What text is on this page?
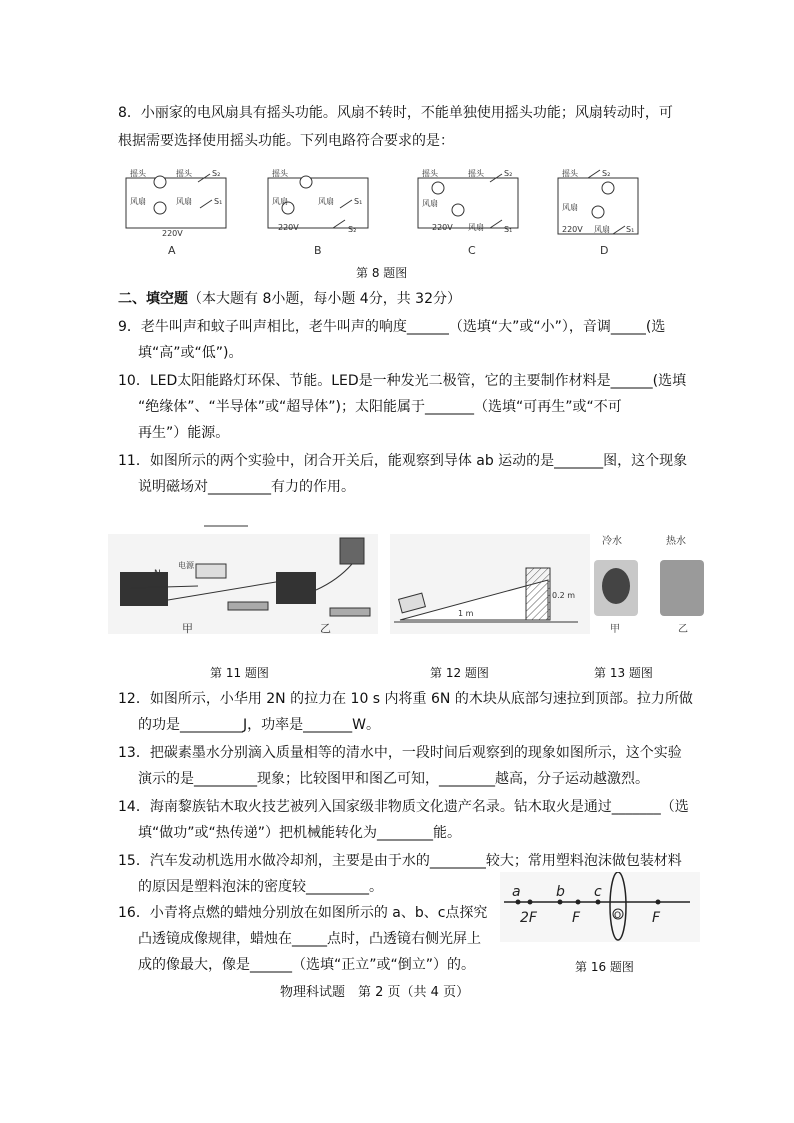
8．小丽家的电风扇具有摇头功能。风扇不转时，不能单独使用摇头功能；风扇转动时，可
根据需要选择使用摇头功能。下列电路符合要求的是：
摇头	摇头	S₂
风扇	风扇	S₁
220V
摇头
风扇	风扇	S₁
220V	S₂
摇头	摇头	S₂
风扇
220V 风扇	S₁
摇头	S₂
风扇
220V 风扇 S₁
A	B	C	D
第 8 题图
二、填空题（本大题有 8小题，每小题 4分，共 32分）
9．老牛叫声和蚊子叫声相比，老牛叫声的响度______（选填“大”或“小”），音调_____(选
填“高”或“低”)。
10．LED太阳能路灯环保、节能。LED是一种发光二极管，它的主要制作材料是______(选填
“绝缘体”、“半导体”或“超导体”)；太阳能属于_______（选填“可再生”或“不可
再生”）能源。
11．如图所示的两个实验中，闭合开关后，能观察到导体 ab 运动的是_______图，这个现象
说明磁场对_________有力的作用。
N
电源
甲	乙
0.2 m
1 m
冷水	热水
甲	乙
第 11 题图	第 12 题图	第 13 题图
12．如图所示，小华用 2N 的拉力在 10 s 内将重 6N 的木块从底部匀速拉到顶部。拉力所做
的功是_________J，功率是_______W。
13．把碳素墨水分别滴入质量相等的清水中，一段时间后观察到的现象如图所示，这个实验
演示的是_________现象；比较图甲和图乙可知，________越高，分子运动越激烈。
14．海南黎族钻木取火技艺被列入国家级非物质文化遗产名录。钻木取火是通过_______（选
填“做功”或“热传递”）把机械能转化为________能。
15．汽车发动机选用水做冷却剂，主要是由于水的________较大；常用塑料泡沫做包装材料
的原因是塑料泡沫的密度较_________。
16．小青将点燃的蜡烛分别放在如图所示的 a、b、c点探究
凸透镜成像规律，蜡烛在_____点时，凸透镜右侧光屏上
成的像最大，像是______（选填“正立”或“倒立”）的。
a	b c
2F	F	F
O
第 16 题图
物理科试题　第 2 页（共 4 页）
